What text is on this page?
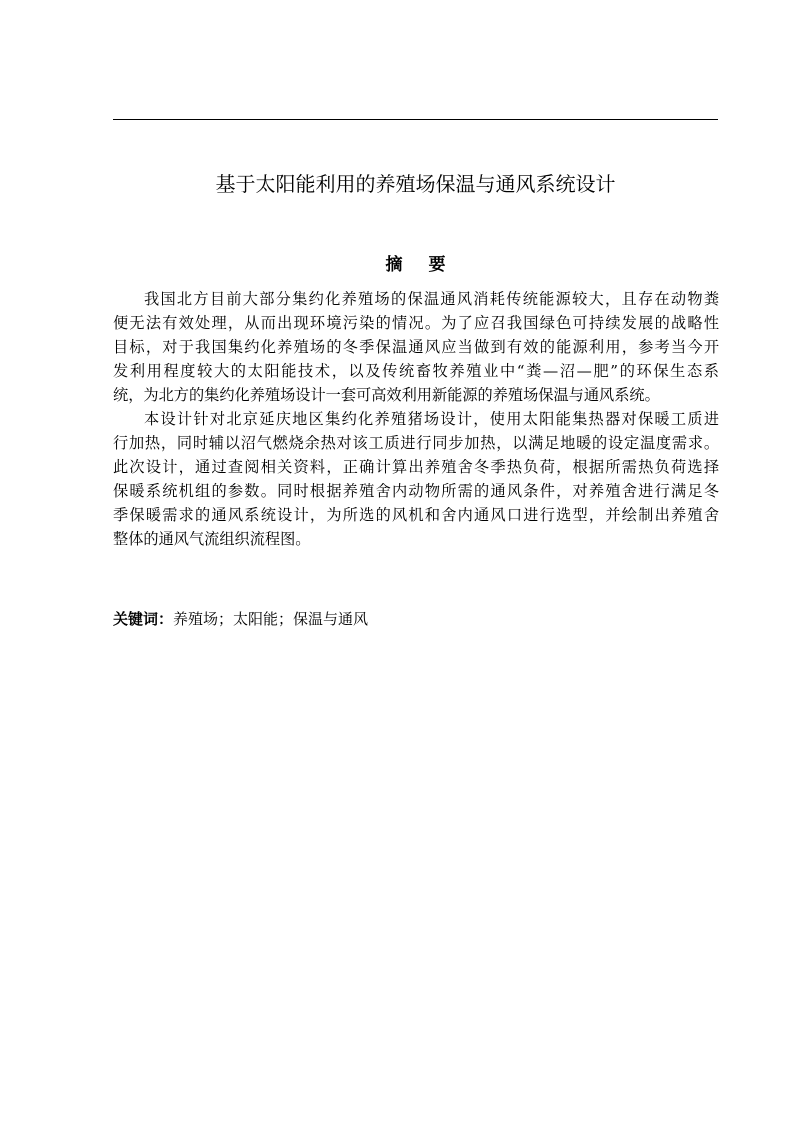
基于太阳能利用的养殖场保温与通风系统设计
摘 要
我国北方目前大部分集约化养殖场的保温通风消耗传统能源较大，且存在动物粪
便无法有效处理，从而出现环境污染的情况。为了应召我国绿色可持续发展的战略性
目标，对于我国集约化养殖场的冬季保温通风应当做到有效的能源利用，参考当今开
发利用程度较大的太阳能技术，以及传统畜牧养殖业中“粪—沼—肥”的环保生态系
统，为北方的集约化养殖场设计一套可高效利用新能源的养殖场保温与通风系统。
本设计针对北京延庆地区集约化养殖猪场设计，使用太阳能集热器对保暖工质进
行加热，同时辅以沼气燃烧余热对该工质进行同步加热，以满足地暖的设定温度需求。
此次设计，通过查阅相关资料，正确计算出养殖舍冬季热负荷，根据所需热负荷选择
保暖系统机组的参数。同时根据养殖舍内动物所需的通风条件，对养殖舍进行满足冬
季保暖需求的通风系统设计，为所选的风机和舍内通风口进行选型，并绘制出养殖舍
整体的通风气流组织流程图。
关键词：养殖场；太阳能；保温与通风
